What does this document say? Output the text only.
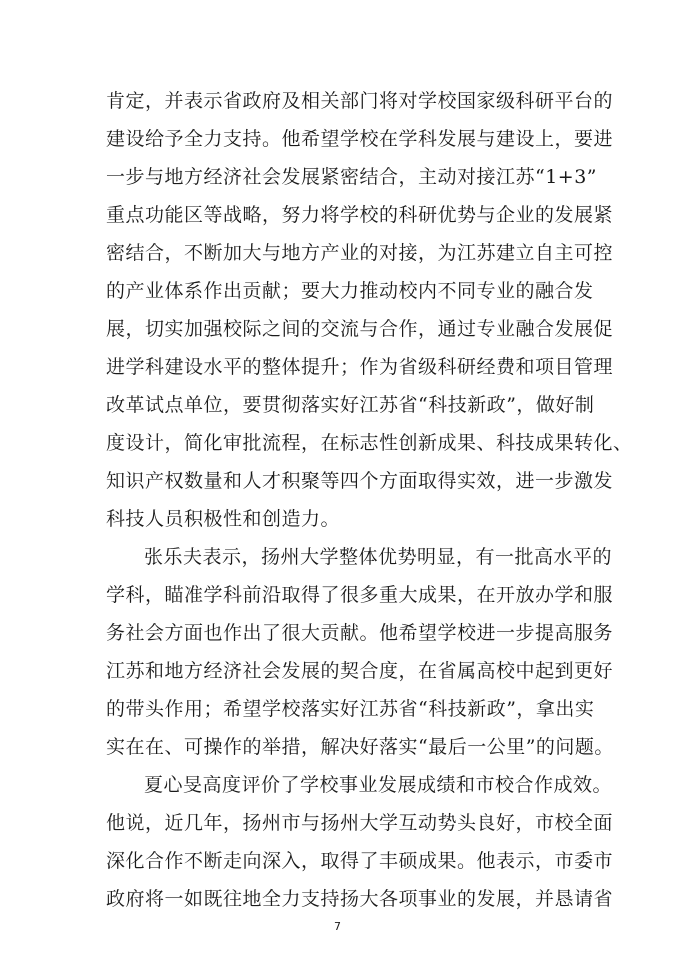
肯定，并表示省政府及相关部门将对学校国家级科研平台的
建设给予全力支持。他希望学校在学科发展与建设上，要进
一步与地方经济社会发展紧密结合，主动对接江苏“1+3”
重点功能区等战略，努力将学校的科研优势与企业的发展紧
密结合，不断加大与地方产业的对接，为江苏建立自主可控
的产业体系作出贡献；要大力推动校内不同专业的融合发
展，切实加强校际之间的交流与合作，通过专业融合发展促
进学科建设水平的整体提升；作为省级科研经费和项目管理
改革试点单位，要贯彻落实好江苏省“科技新政”，做好制
度设计，简化审批流程，在标志性创新成果、科技成果转化、
知识产权数量和人才积聚等四个方面取得实效，进一步激发
科技人员积极性和创造力。
张乐夫表示，扬州大学整体优势明显，有一批高水平的
学科，瞄准学科前沿取得了很多重大成果，在开放办学和服
务社会方面也作出了很大贡献。他希望学校进一步提高服务
江苏和地方经济社会发展的契合度，在省属高校中起到更好
的带头作用；希望学校落实好江苏省“科技新政”，拿出实
实在在、可操作的举措，解决好落实“最后一公里”的问题。
夏心旻高度评价了学校事业发展成绩和市校合作成效。
他说，近几年，扬州市与扬州大学互动势头良好，市校全面
深化合作不断走向深入，取得了丰硕成果。他表示，市委市
政府将一如既往地全力支持扬大各项事业的发展，并恳请省
7
